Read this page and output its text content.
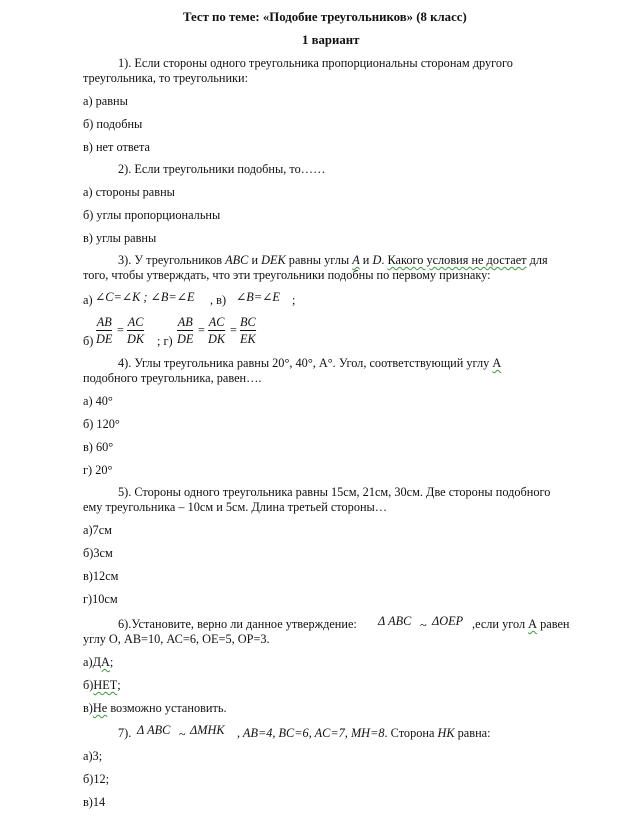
Тест по теме: «Подобие треугольников» (8 класс)
1 вариант
1). Если стороны одного треугольника пропорциональны сторонам другого
треугольника, то треугольники:
а) равны
б) подобны
в) нет ответа
2). Если треугольники подобны, то……
а) стороны равны
б) углы пропорциональны
в) углы равны
3). У треугольников ABC и DEK равны углы A и D. Какого условия не достает для
того, чтобы утверждать, что эти треугольники подобны по первому признаку:
а) ∠C=∠K ; ∠B=∠E , в) ∠B=∠E ;
$б) \frac{AB}{DE} = \frac{AC}{DK}$ ; $г) \frac{AB}{DE} = \frac{AC}{DK} = \frac{BC}{EK}$
4). Углы треугольника равны 20°, 40°, А°. Угол, соответствующий углу А
подобного треугольника, равен….
а) 40°
б) 120°
в) 60°
г) 20°
5). Стороны одного треугольника равны 15см, 21см, 30см. Две стороны подобного
ему треугольника – 10см и 5см. Длина третьей стороны…
а)7см
б)3см
в)12см
г)10см
6).Установите, верно ли данное утверждение: Δ ABC ~ ΔOEP ,если угол А равен
углу О, АВ=10, АС=6, ОЕ=5, ОР=3.
а)ДА;
б)НЕТ;
в)Не возможно установить.
7). Δ ABC ~ ΔMHK , AB=4, BC=6, AC=7, MH=8. Сторона HK равна:
а)3;
б)12;
в)14
